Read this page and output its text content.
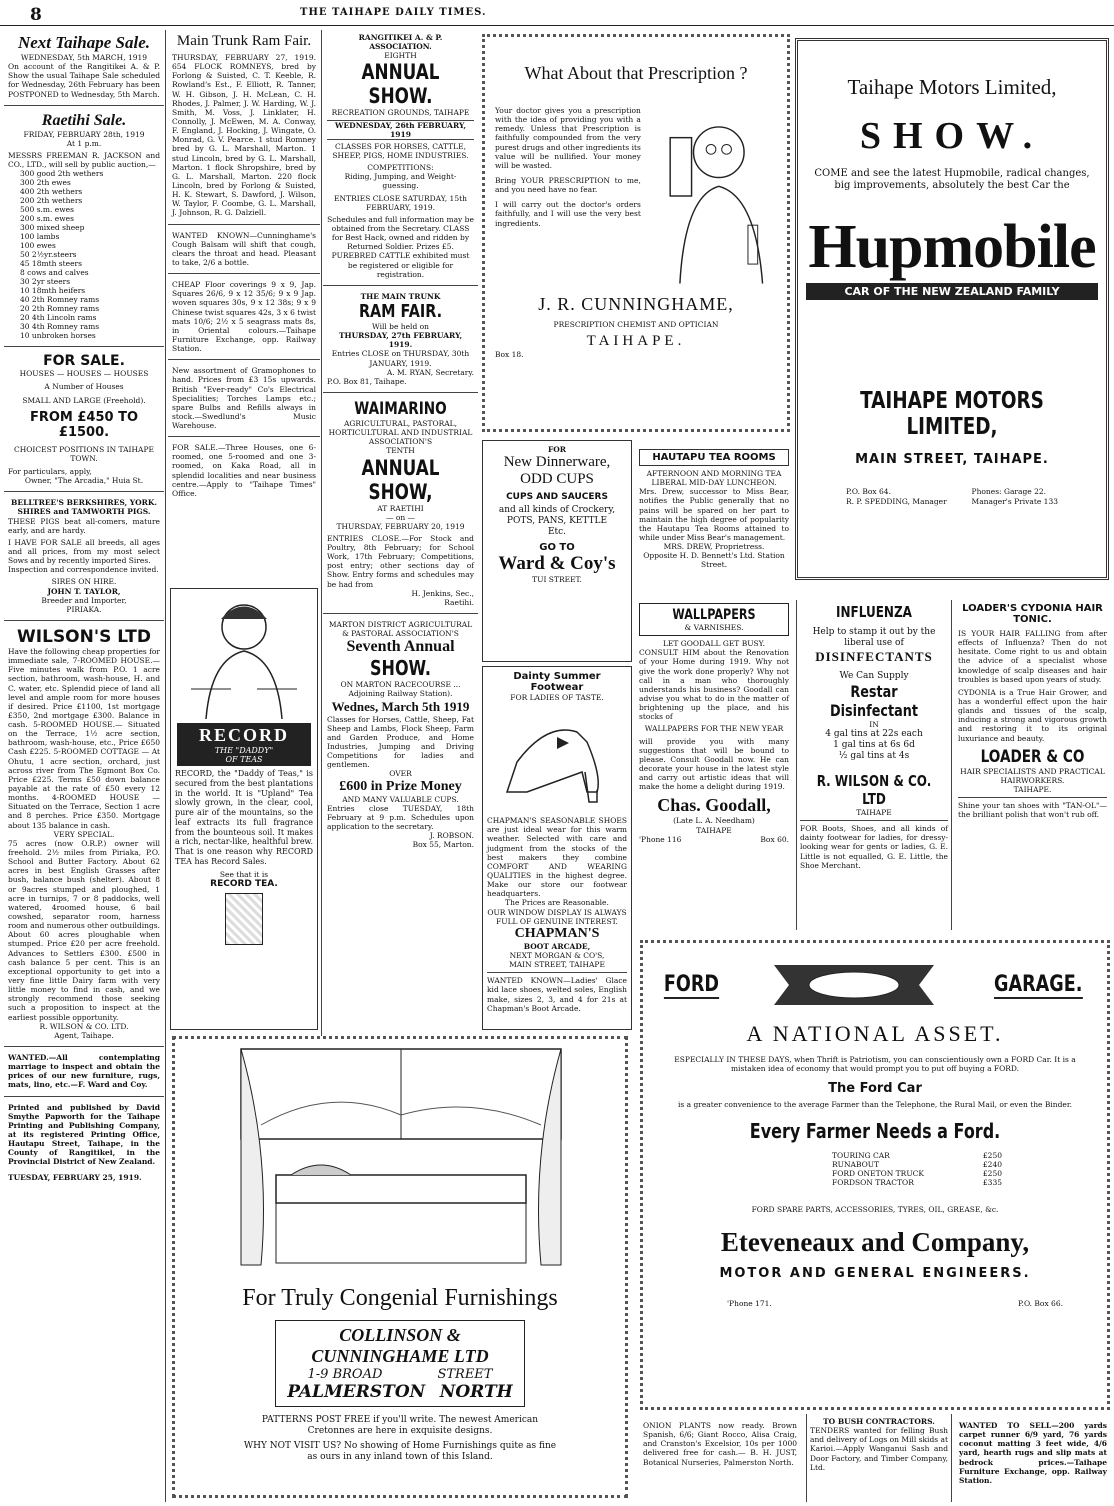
8	THE TAIHAPE DAILY TIMES.
Next Taihape Sale.
WEDNESDAY, 5th MARCH, 1919
On account of the Rangitikei A. & P. Show the usual Taihape Sale scheduled for Wednesday, 26th February has been POSTPONED to Wednesday, 5th March.
Raetihi Sale.
FRIDAY, FEBRUARY 28th, 1919
At 1 p.m.
MESSRS FREEMAN R. JACKSON and CO., LTD., will sell by public auction,—
300 good 2th wethers
300 2th ewes
400 2th wethers
200 2th wethers
500 s.m. ewes
200 s.m. ewes
300 mixed sheep
100 lambs
100 ewes
50 2½yr.steers
45 18mth steers
8 cows and calves
30 2yr steers
10 18mth heifers
40 2th Romney rams
20 2th Romney rams
20 4th Lincoln rams
30 4th Romney rams
10 unbroken horses
FOR SALE.
HOUSES — HOUSES — HOUSES
A Number of Houses
SMALL AND LARGE (Freehold).
FROM £450 TO £1500.
CHOICEST POSITIONS IN TAIHAPE TOWN.
For particulars, apply,
Owner, "The Arcadia," Huia St.
BELLTREE'S BERKSHIRES, YORK. SHIRES and TAMWORTH PIGS.
THESE PIGS beat all-comers, mature early, and are hardy.
I HAVE FOR SALE all breeds, all ages and all prices, from my most select Sows and by recently imported Sires.
Inspection and correspondence invited.
SIRES ON HIRE.
JOHN T. TAYLOR,
Breeder and Importer,
PIRIAKA.
WILSON'S LTD
Have the following cheap properties for immediate sale, 7-ROOMED HOUSE.—Five minutes walk from P.O. 1 acre section, bathroom, wash-house, H. and C. water, etc. Splendid piece of land all level and ample room for more houses if desired. Price £1100, 1st mortgage £350, 2nd mortgage £300. Balance in cash. 5-ROOMED HOUSE.— Situated on the Terrace, 1½ acre section, bathroom, wash-house, etc., Price £650 Cash £225. 5-ROOMED COTTAGE — At Ohutu, 1 acre section, orchard, just across river from The Egmont Box Co. Price £225. Terms £50 down balance payable at the rate of £50 every 12 months. 4-ROOMED HOUSE — Situated on the Terrace, Section 1 acre and 8 perches. Price £350. Mortgage about 135 balance in cash.
VERY SPECIAL.
75 acres (now O.R.P.) owner will freehold. 2½ miles from Piriaka, P.O. School and Butter Factory. About 62 acres in best English Grasses after bush, balance bush (shelter). About 8 or 9acres stumped and ploughed, 1 acre in turnips, 7 or 8 paddocks, well watered, 4roomed house, 6 bail cowshed, separator room, harness room and numerous other outbuildings. About 60 acres ploughable when stumped. Price £20 per acre freehold. Advances to Settlers £300. £500 in cash balance 5 per cent. This is an exceptional opportunity to get into a very fine little Dairy farm with very little money to find in cash, and we strongly recommend those seeking such a proposition to inspect at the earliest possible opportunity.
R. WILSON & CO. LTD.
Agent, Taihape.
WANTED.—All contemplating marriage to inspect and obtain the prices of our new furniture, rugs, mats, lino, etc.—F. Ward and Coy.
Printed and published by David Smythe Papworth for the Taihape Printing and Publishing Company, at its registered Printing Office, Hautapu Street, Taihape, in the County of Rangitikei, in the Provincial District of New Zealand.
TUESDAY, FEBRUARY 25, 1919.
Main Trunk Ram Fair.
THURSDAY, FEBRUARY 27, 1919. 654 FLOCK ROMNEYS, bred by Forlong & Suisted, C. T. Keeble, R. Rowland's Est., F. Elliott, R. Tanner, W. H. Gibson, J. H. McLean, C. H. Rhodes, J. Palmer, J. W. Harding, W. J. Smith, M. Voss, J. Linklater, H. Connolly, J. McEwen, M. A. Conway, F. England, J. Hocking, J. Wingate, O. Monrad, G. V. Pearce. 1 stud Romney bred by G. L. Marshall, Marton. 1 stud Lincoln, bred by G. L. Marshall, Marton. 1 flock Shropshire, bred by G. L. Marshall, Marton. 220 flock Lincoln, bred by Forlong & Suisted, H. K. Stewart, S. Dawford, J. Wilson, W. Taylor, F. Coombe, G. L. Marshall, J. Johnson, R. G. Dalziell.
WANTED KNOWN—Cunninghame's Cough Balsam will shift that cough, clears the throat and head. Pleasant to take, 2/6 a bottle.
CHEAP Floor coverings 9 x 9, Jap. Squares 26/6, 9 x 12 35/6; 9 x 9 Jap. woven squares 30s, 9 x 12 38s; 9 x 9 Chinese twist squares 42s, 3 x 6 twist mats 10/6; 2½ x 5 seagrass mats 8s, in Oriental colours.—Taihape Furniture Exchange, opp. Railway Station.
New assortment of Gramophones to hand. Prices from £3 15s upwards. British "Ever-ready" Co's Electrical Specialities; Torches Lamps etc.; spare Bulbs and Refills always in stock.—Swedlund's Music Warehouse.
FOR SALE.—Three Houses, one 6-roomed, one 5-roomed and one 3-roomed, on Kaka Road, all in splendid localities and near business centre.—Apply to "Taihape Times" Office.
RECORD
THE "DADDY"
OF TEAS
RECORD, the "Daddy of Teas," is secured from the best plantations in the world. It is "Upland" Tea slowly grown, in the clear, cool, pure air of the mountains, so the leaf extracts its full fragrance from the bounteous soil. It makes a rich, nectar-like, healthful brew. That is one reason why RECORD TEA has Record Sales.
See that it is
RECORD TEA.
RANGITIKEI A. & P. ASSOCIATION.
EIGHTH
ANNUAL SHOW.
RECREATION GROUNDS, TAIHAPE
WEDNESDAY, 26th FEBRUARY, 1919
CLASSES FOR HORSES, CATTLE, SHEEP, PIGS, HOME INDUSTRIES.
COMPETITIONS:
Riding, Jumping, and Weight-guessing.
ENTRIES CLOSE SATURDAY, 15th FEBRUARY, 1919.
Schedules and full information may be obtained from the Secretary. CLASS for Best Hack, owned and ridden by Returned Soldier. Prizes £5. PUREBRED CATTLE exhibited must be registered or eligible for registration.
THE MAIN TRUNK
RAM FAIR.
Will be held on
THURSDAY, 27th FEBRUARY, 1919.
Entries CLOSE on THURSDAY, 30th JANUARY, 1919.
A. M. RYAN, Secretary.
P.O. Box 81, Taihape.
WAIMARINO
AGRICULTURAL, PASTORAL, HORTICULTURAL AND INDUSTRIAL ASSOCIATION'S
TENTH
ANNUAL SHOW,
AT RAETIHI
— on —
THURSDAY, FEBRUARY 20, 1919
ENTRIES CLOSE.—For Stock and Poultry, 8th February; for School Work, 17th February; Competitions, post entry; other sections day of Show. Entry forms and schedules may be had from
H. Jenkins, Sec.,
Raetihi.
MARTON DISTRICT AGRICULTURAL & PASTORAL ASSOCIATION'S
Seventh Annual
SHOW.
ON MARTON RACECOURSE ... Adjoining Railway Station).
Wednes, March 5th 1919
Classes for Horses, Cattle, Sheep, Fat Sheep and Lambs, Flock Sheep, Farm and Garden Produce, and Home Industries, Jumping and Driving Competitions for ladies and gentlemen.
OVER
£600 in Prize Money
AND MANY VALUABLE CUPS.
Entries close TUESDAY, 18th February at 9 p.m. Schedules upon application to the secretary.
J. ROBSON.
Box 55, Marton.
What About that Prescription ?
Your doctor gives you a prescription with the idea of providing you with a remedy. Unless that Prescription is faithfully compounded from the very purest drugs and other ingredients its value will be nullified. Your money will be wasted.
Bring YOUR PRESCRIPTION to me, and you need have no fear.
I will carry out the doctor's orders faithfully, and I will use the very best ingredients.
J. R. CUNNINGHAME,
PRESCRIPTION CHEMIST AND OPTICIAN
TAIHAPE.
Box 18.
FOR
New Dinnerware,
ODD CUPS
CUPS AND SAUCERS
and all kinds of Crockery, POTS, PANS, KETTLE
Etc.
GO TO
Ward & Coy's
TUI STREET.
Dainty Summer Footwear
FOR LADIES OF TASTE.
CHAPMAN'S SEASONABLE SHOES are just ideal wear for this warm weather. Selected with care and judgment from the stocks of the best makers they combine COMFORT AND WEARING QUALITIES in the highest degree. Make our store our footwear headquarters.
The Prices are Reasonable.
OUR WINDOW DISPLAY IS ALWAYS FULL OF GENUINE INTEREST.
CHAPMAN'S
BOOT ARCADE,
NEXT MORGAN & CO'S,
MAIN STREET, TAIHAPE
WANTED KNOWN—Ladies' Glace kid lace shoes, welted soles, English make, sizes 2, 3, and 4 for 21s at Chapman's Boot Arcade.
Taihape Motors Limited,
SHOW.
COME and see the latest Hupmobile, radical changes, big improvements, absolutely the best Car the
Hupmobile
CAR OF THE NEW ZEALAND FAMILY
TAIHAPE MOTORS LIMITED,
MAIN STREET, TAIHAPE.
P.O. Box 64.
R. P. SPEDDING, Manager
Phones: Garage 22.
Manager's Private 133
HAUTAPU TEA ROOMS
AFTERNOON AND MORNING TEA LIBERAL MID-DAY LUNCHEON.
Mrs. Drew, successor to Miss Bear, notifies the Public generally that no pains will be spared on her part to maintain the high degree of popularity the Hautapu Tea Rooms attained to while under Miss Bear's management.
MRS. DREW, Proprietress.
Opposite H. D. Bennett's Ltd. Station Street.
WALLPAPERS
& VARNISHES.
LET GOODALL GET BUSY.
CONSULT HIM about the Renovation of your Home during 1919. Why not give the work done properly? Why not call in a man who thoroughly understands his business? Goodall can advise you what to do in the matter of brightening up the place, and his stocks of
WALLPAPERS FOR THE NEW YEAR
will provide you with many suggestions that will be bound to please. Consult Goodall now. He can decorate your house in the latest style and carry out artistic ideas that will make the home a delight during 1919.
Chas. Goodall,
(Late L. A. Needham)
TAIHAPE
'Phone 116	Box 60.
INFLUENZA
Help to stamp it out by the liberal use of
DISINFECTANTS
We Can Supply
Restar Disinfectant
IN
4 gal tins at 22s each
1 gal tins at 6s 6d
½ gal tins at 4s
R. WILSON & CO. LTD
TAIHAPE
FOR Boots, Shoes, and all kinds of dainty footwear for ladies, for dressy-looking wear for gents or ladies, G. E. Little is not equalled, G. E. Little, the Shoe Merchant.
LOADER'S CYDONIA HAIR TONIC.
IS YOUR HAIR FALLING from after effects of Influenza? Then do not hesitate. Come right to us and obtain the advice of a specialist whose knowledge of scalp diseases and hair troubles is based upon years of study.
CYDONIA is a True Hair Grower, and has a wonderful effect upon the hair glands and tissues of the scalp, inducing a strong and vigorous growth and restoring it to its original luxuriance and beauty.
LOADER & CO
HAIR SPECIALISTS AND PRACTICAL HAIRWORKERS.
TAIHAPE.
Shine your tan shoes with "TAN-OL"—the brilliant polish that won't rub off.
For Truly Congenial Furnishings
COLLINSON & CUNNINGHAME LTD
1-9 BROAD	STREET
PALMERSTON NORTH
PATTERNS POST FREE if you'll write. The newest American Cretonnes are here in exquisite designs.
WHY NOT VISIT US? No showing of Home Furnishings quite as fine as ours in any inland town of this Island.
FORD	GARAGE.
A NATIONAL ASSET.
ESPECIALLY IN THESE DAYS, when Thrift is Patriotism, you can conscientiously own a FORD Car. It is a mistaken idea of economy that would prompt you to put off buying a FORD.
The Ford Car
is a greater convenience to the average Farmer than the Telephone, the Rural Mail, or even the Binder.
Every Farmer Needs a Ford.
TOURING CAR	£250
RUNABOUT	£240
FORD ONETON TRUCK	£250
FORDSON TRACTOR	£335
FORD SPARE PARTS, ACCESSORIES, TYRES, OIL, GREASE, &c.
Eteveneaux and Company,
MOTOR AND GENERAL ENGINEERS.
'Phone 171.	P.O. Box 66.
ONION PLANTS now ready. Brown Spanish, 6/6; Giant Rocco, Alisa Craig, and Cranston's Excelsior, 10s per 1000 delivered free for cash.— B. H. JUST, Botanical Nurseries, Palmerston North.
TO BUSH CONTRACTORS.
TENDERS wanted for felling Bush and delivery of Logs on Mill skids at Karioi.—Apply Wanganui Sash and Door Factory, and Timber Company, Ltd.
WANTED TO SELL—200 yards carpet runner 6/9 yard, 76 yards coconut matting 3 feet wide, 4/6 yard, hearth rugs and slip mats at bedrock prices.—Taihape Furniture Exchange, opp. Railway Station.
